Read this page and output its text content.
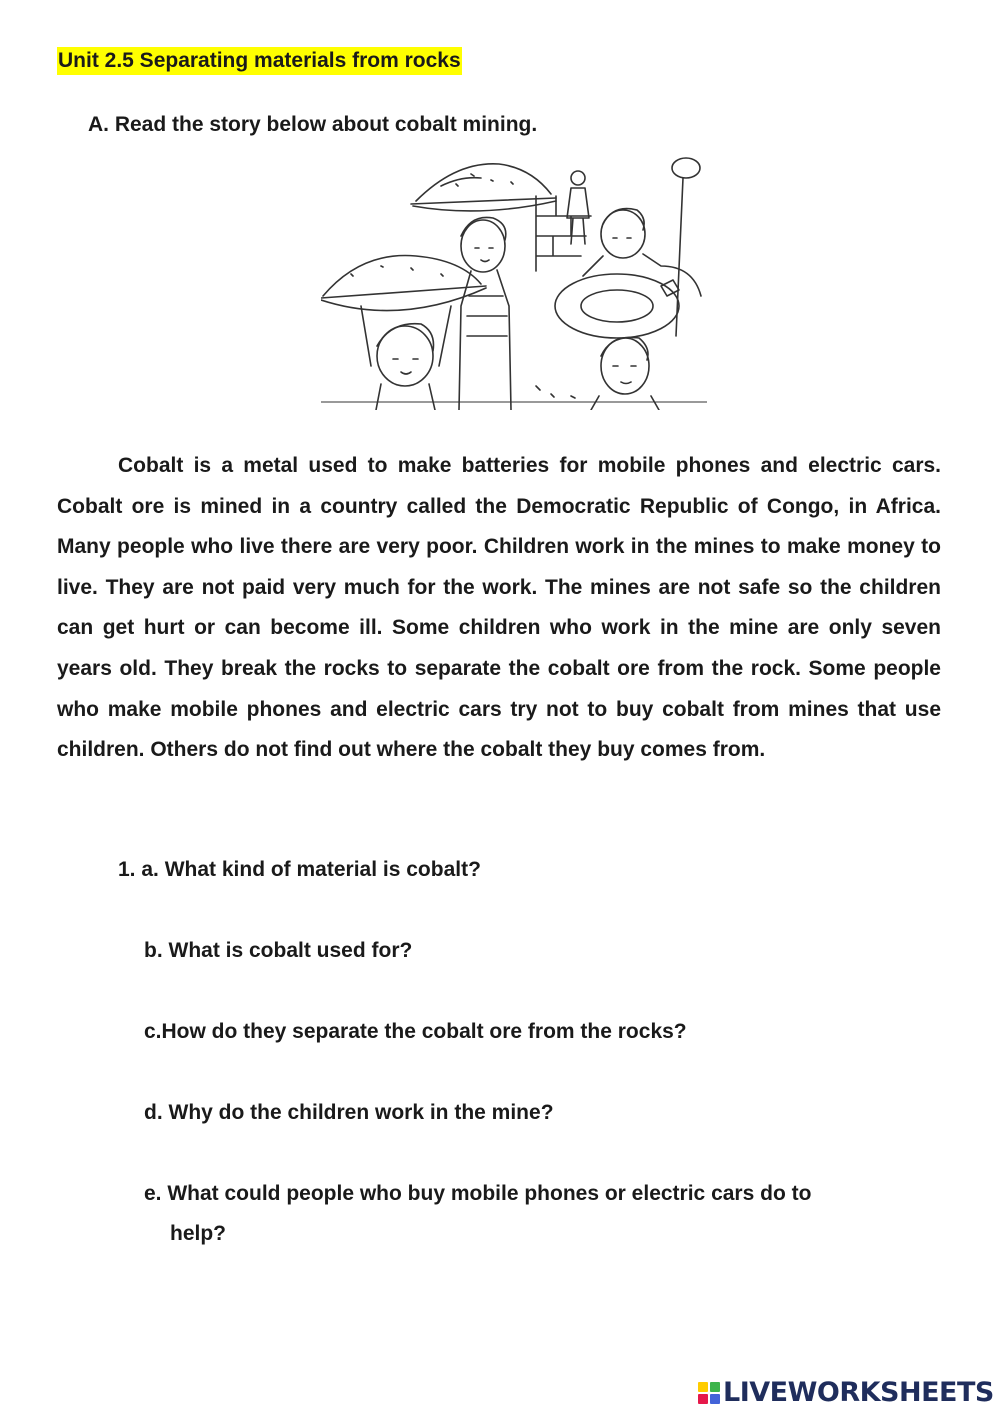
Unit 2.5 Separating materials from rocks
A. Read the story below about cobalt mining.

Cobalt is a metal used to make batteries for mobile phones and electric cars. Cobalt ore is mined in a country called the Democratic Republic of Congo, in Africa. Many people who live there are very poor. Children work in the mines to make money to live. They are not paid very much for the work. The mines are not safe so the children can get hurt or can become ill. Some children who work in the mine are only seven years old. They break the rocks to separate the cobalt ore from the rock. Some people who make mobile phones and electric cars try not to buy cobalt from mines that use children. Others do not find out where the cobalt they buy comes from.

1. a. What kind of material is cobalt?
b. What is cobalt used for?
c.How do they separate the cobalt ore from the rocks?
d. Why do the children work in the mine?
e. What could people who buy mobile phones or electric cars do to
help?
LIVEWORKSHEETS
